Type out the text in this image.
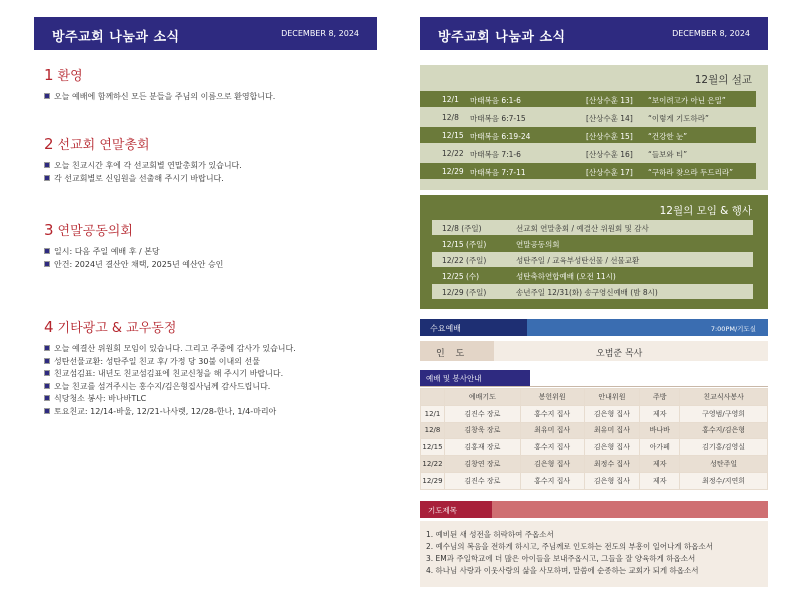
방주교회 나눔과 소식	DECEMBER 8, 2024
1 환영
오늘 예배에 함께하신 모든 분들을 주님의 이름으로 환영합니다.
2 선교회 연말총회
오늘 친교시간 후에 각 선교회별 연말총회가 있습니다.
각 선교회별로 신임원을 선출해 주시기 바랍니다.
3 연말공동의회
일시: 다음 주일 예배 후 / 본당
안건: 2024년 결산안 채택, 2025년 예산안 승인
4 기타광고 & 교우동정
오늘 예결산 위원회 모임이 있습니다. 그리고 주중에 감사가 있습니다.
성탄선물교환: 성탄주일 친교 후/ 가정 당 30불 이내의 선물
친교섬김표: 내년도 친교섬김표에 친교신청을 해 주시기 바랍니다.
오늘 친교를 섬겨주시는 홍수지/김은형집사님께 감사드립니다.
식당청소 봉사: 바나바TLC
토요친교: 12/14-바울, 12/21-나사렛, 12/28-한나, 1/4-마리아
방주교회 나눔과 소식	DECEMBER 8, 2024
12월의 설교
12/1 마태복음 6:1-6	[산상수훈 13] “보이려고가 아닌 은밀”
12/8 마태복음 6:7-15	[산상수훈 14] “이렇게 기도하라”
12/15 마태복음 6:19-24	[산상수훈 15] “건강한 눈”
12/22 마태복음 7:1-6	[산상수훈 16] “들보와 티”
12/29 마태복음 7:7-11	[산상수훈 17] “구하라 찾으라 두드리라”
12월의 모임 & 행사
12/8 (주일)	선교회 연말총회 / 예결산 위원회 및 감사
12/15 (주일)	연말공동의회
12/22 (주일)	성탄주일 / 교육부성탄선물 / 선물교환
12/25 (수)	성탄축하연합예배 (오전 11시)
12/29 (주일)	송년주일 12/31(화) 송구영신예배 (밤 8시)
수요예배	7:00PM/기도실
인 도	오범준 목사
예배 및 봉사안내
	예배기도	봉헌위원	안내위원	주방	친교식사봉사
12/1	김진수 장로	홍수지 집사	김은형 집사	제자	구영범/구영희
12/8	김창욱 장로	최유미 집사	최유미 집사	바나바	홍수지/김은형
12/15	김홍재 장로	홍수지 집사	김은형 집사	아가페	김기홍/김영실
12/22	김창연 장로	김은형 집사	최정수 집사	제자	성탄주일
12/29	김진수 장로	홍수지 집사	김은형 집사	제자	최정수/지연희
기도제목
1. 예비된 새 성전을 허락하여 주옵소서
2. 예수님의 복음을 전하게 하시고, 주님께로 인도하는 전도의 부흥이 일어나게 하옵소서
3. EM과 주일학교에 더 많은 아이들을 보내주옵시고, 그들을 잘 양육하게 하옵소서
4. 하나님 사랑과 이웃사랑의 삶을 사모하며, 말씀에 순종하는 교회가 되게 하옵소서
